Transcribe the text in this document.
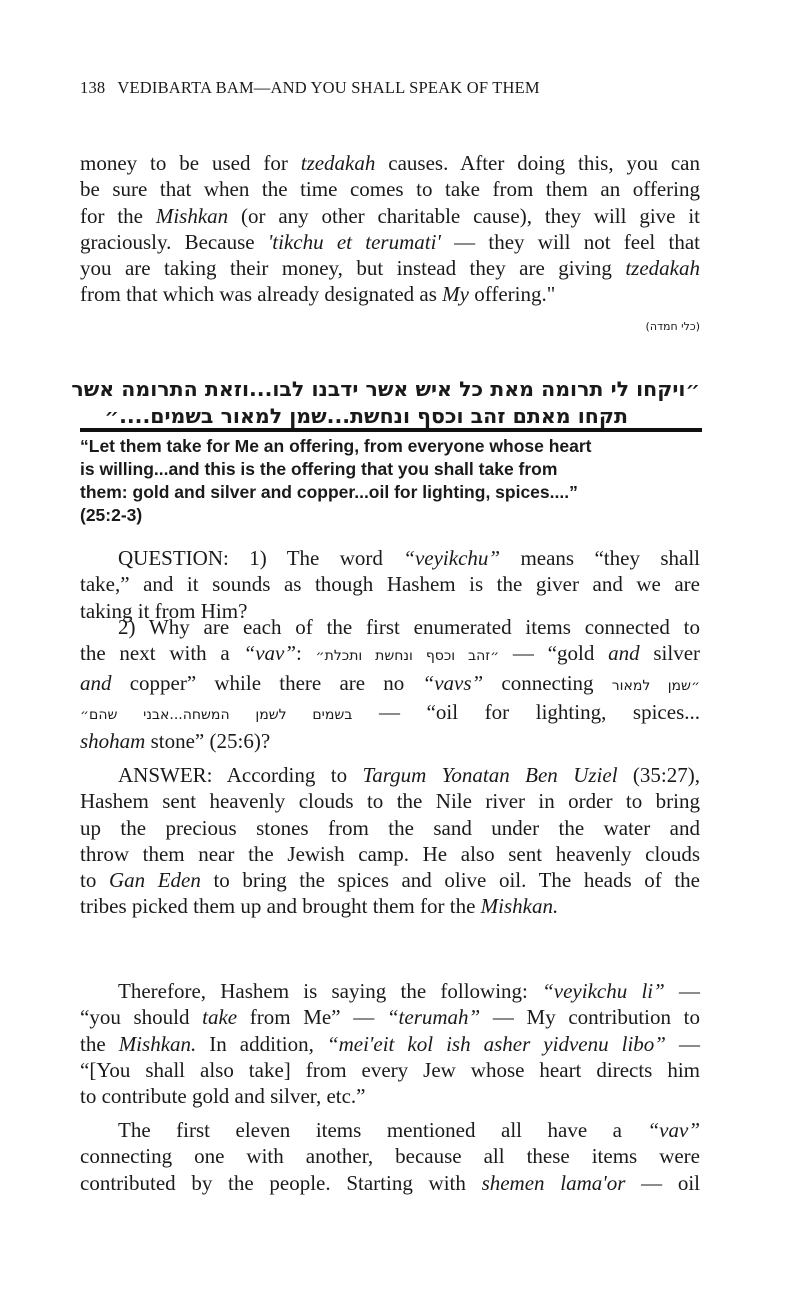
138 VEDIBARTA BAM—AND YOU SHALL SPEAK OF THEM
money to be used for tzedakah causes. After doing this, you can
be sure that when the time comes to take from them an offering
for the Mishkan (or any other charitable cause), they will give it
graciously. Because 'tikchu et terumati' — they will not feel that
you are taking their money, but instead they are giving tzedakah
from that which was already designated as My offering."
(כלי חמדה)
״ויקחו לי תרומה מאת כל איש אשר ידבנו לבו...וזאת התרומה אשר
תקחו מאתם זהב וכסף ונחשת...שמן למאור בשמים....״
“Let them take for Me an offering, from everyone whose heart
is willing...and this is the offering that you shall take from
them: gold and silver and copper...oil for lighting, spices....”
(25:2-3)
QUESTION: 1) The word “veyikchu” means “they shall
take,” and it sounds as though Hashem is the giver and we are
taking it from Him?
2) Why are each of the first enumerated items connected to
the next with a “vav”: ״זהב וכסף ונחשת ותכלת״ — “gold and silver
and copper” while there are no “vavs” connecting ״שמן למאור
בשמים לשמן המשחה...אבני שהם״ — “oil for lighting, spices...
shoham stone” (25:6)?
ANSWER: According to Targum Yonatan Ben Uziel (35:27),
Hashem sent heavenly clouds to the Nile river in order to bring
up the precious stones from the sand under the water and
throw them near the Jewish camp. He also sent heavenly clouds
to Gan Eden to bring the spices and olive oil. The heads of the
tribes picked them up and brought them for the Mishkan.
Therefore, Hashem is saying the following: “veyikchu li” —
“you should take from Me” — “terumah” — My contribution to
the Mishkan. In addition, “mei'eit kol ish asher yidvenu libo” —
“[You shall also take] from every Jew whose heart directs him
to contribute gold and silver, etc.”
The first eleven items mentioned all have a “vav”
connecting one with another, because all these items were
contributed by the people. Starting with shemen lama'or — oil
